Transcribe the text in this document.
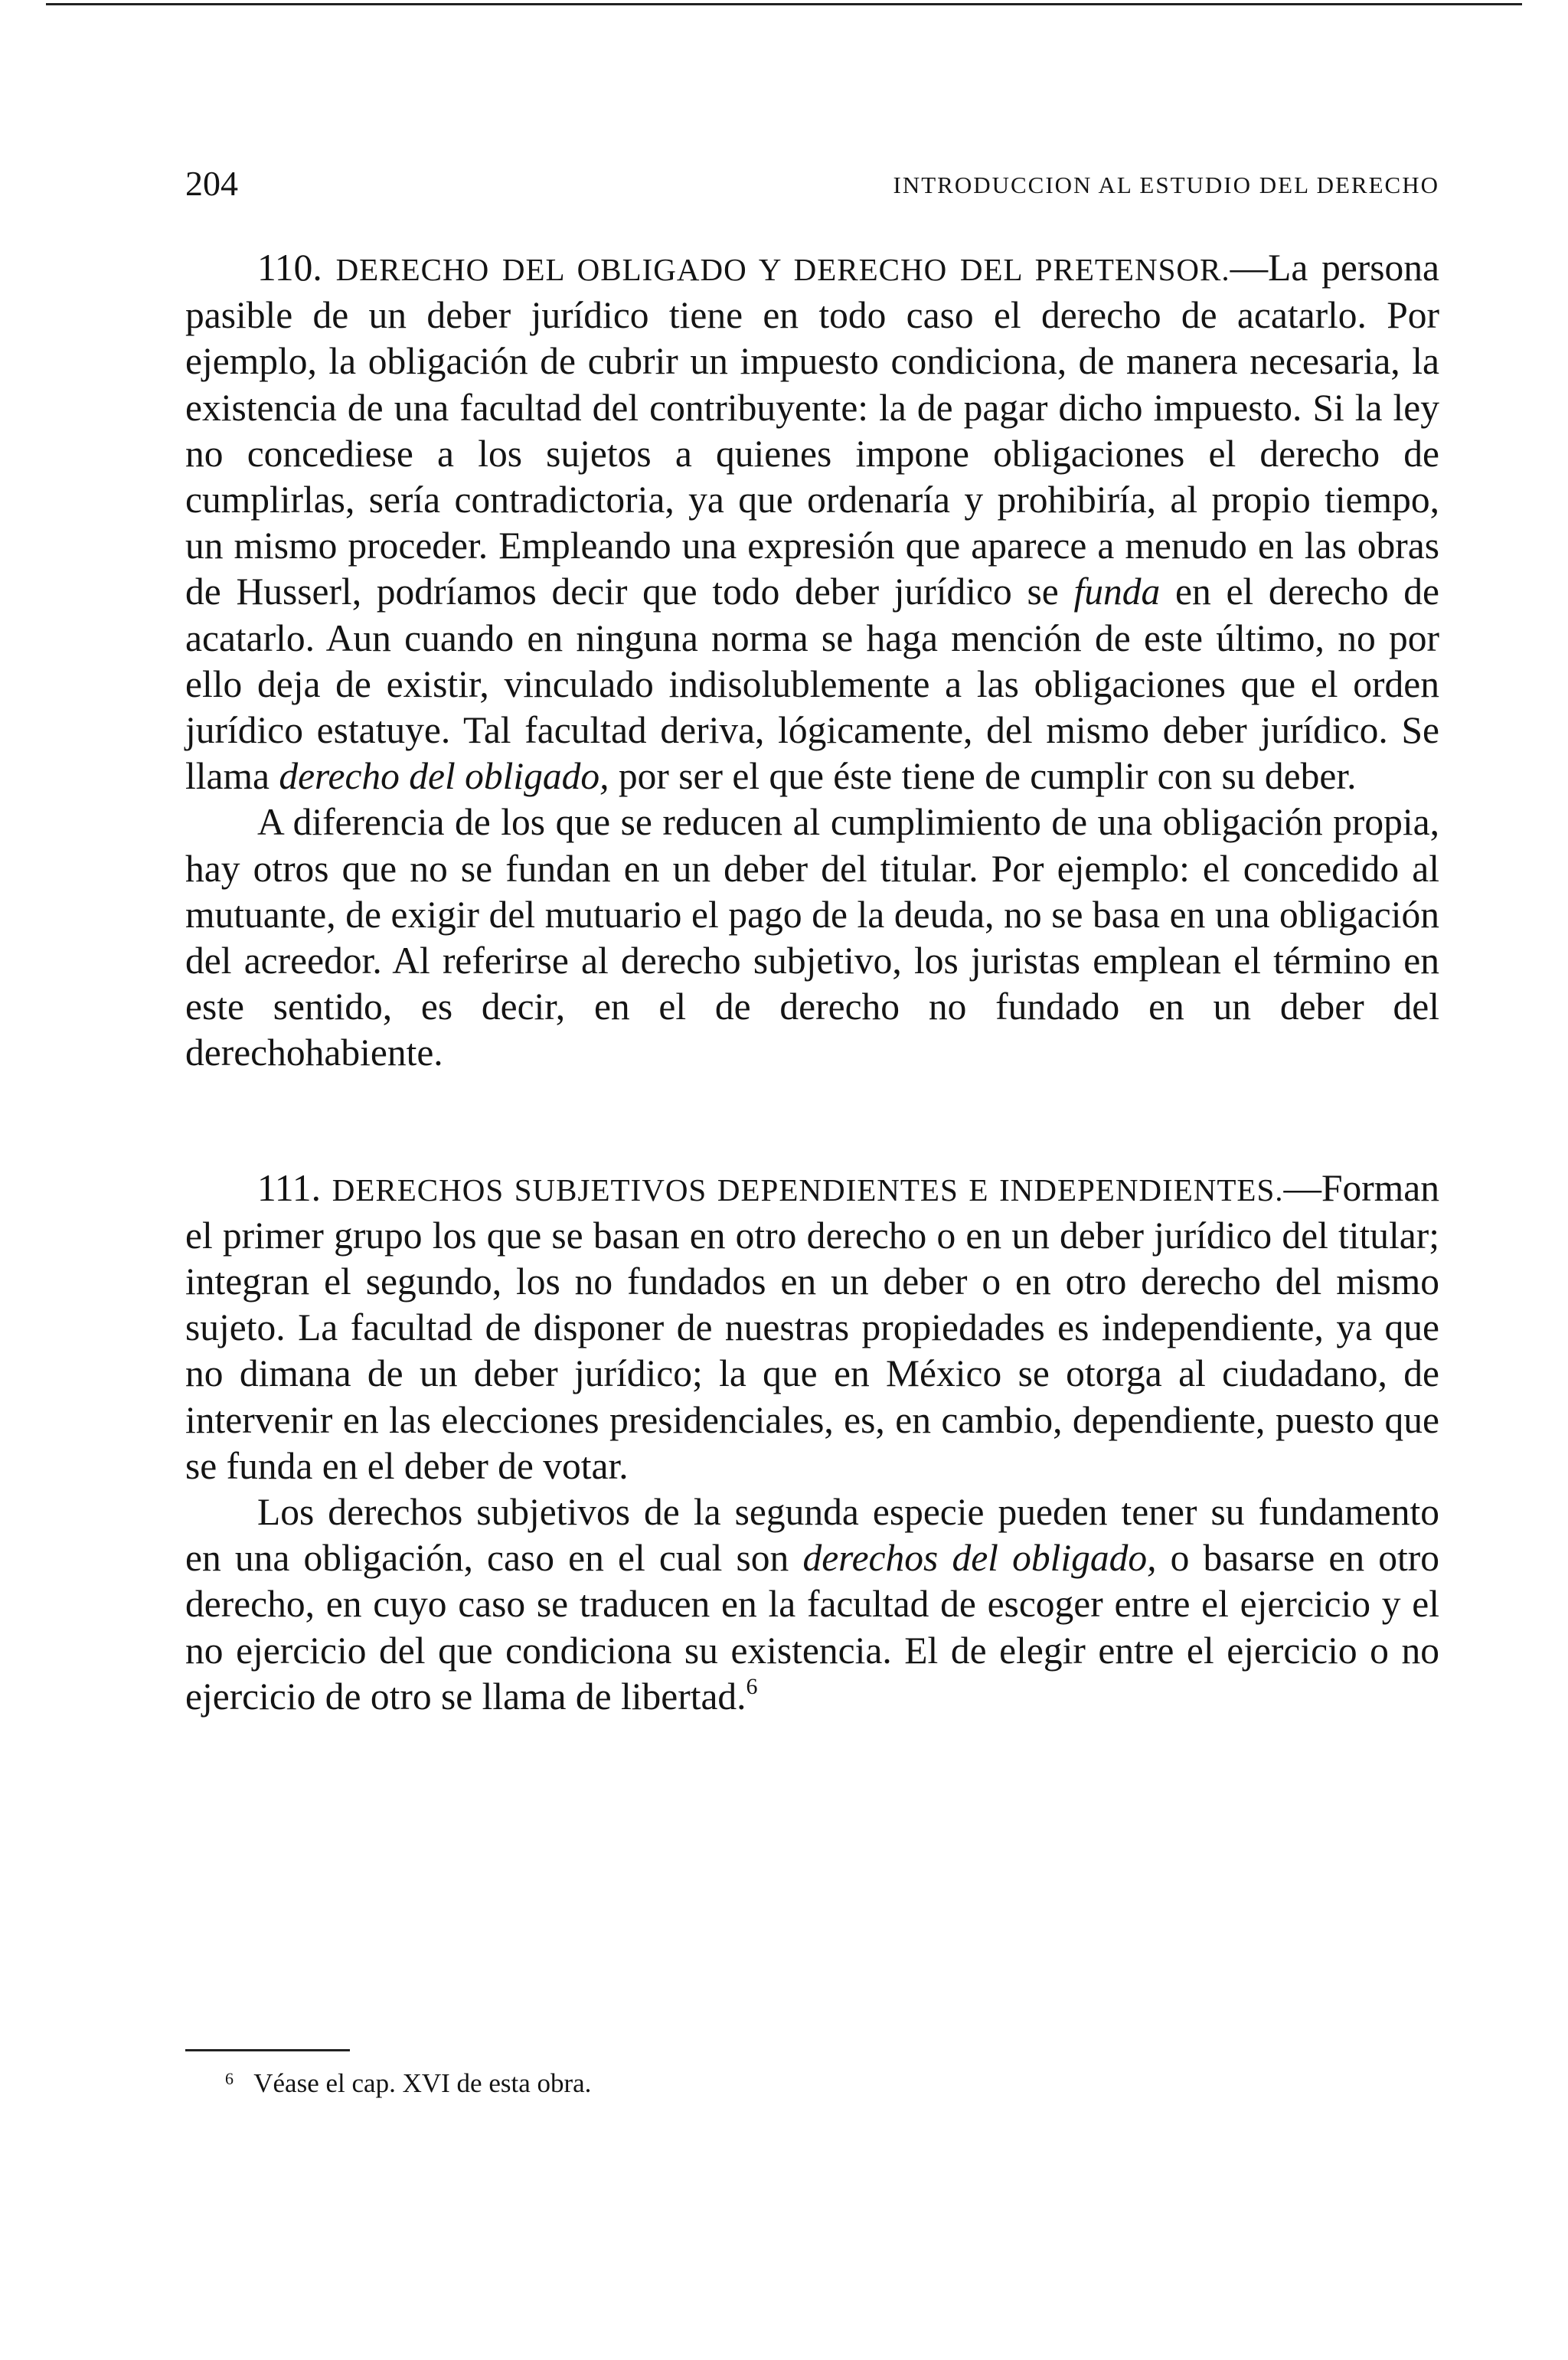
204	INTRODUCCION AL ESTUDIO DEL DERECHO

110. DERECHO DEL OBLIGADO Y DERECHO DEL PRETENSOR.—La persona pasible de un deber jurídico tiene en todo caso el derecho de acatarlo. Por ejemplo, la obligación de cubrir un impuesto condiciona, de manera necesaria, la existencia de una facultad del contribuyente: la de pagar dicho impuesto. Si la ley no concediese a los sujetos a quienes impone obligaciones el derecho de cumplirlas, sería contradictoria, ya que ordenaría y prohibiría, al propio tiempo, un mismo proceder. Empleando una expresión que aparece a menudo en las obras de Husserl, podríamos decir que todo deber jurídico se funda en el derecho de acatarlo. Aun cuando en ninguna norma se haga mención de este último, no por ello deja de existir, vinculado indisolublemente a las obligaciones que el orden jurídico estatuye. Tal facultad deriva, lógicamente, del mismo deber jurídico. Se llama derecho del obligado, por ser el que éste tiene de cumplir con su deber.

A diferencia de los que se reducen al cumplimiento de una obligación propia, hay otros que no se fundan en un deber del titular. Por ejemplo: el concedido al mutuante, de exigir del mutuario el pago de la deuda, no se basa en una obligación del acreedor. Al referirse al derecho subjetivo, los juristas emplean el término en este sentido, es decir, en el de derecho no fundado en un deber del derechohabiente.

111. DERECHOS SUBJETIVOS DEPENDIENTES E INDEPENDIENTES.—Forman el primer grupo los que se basan en otro derecho o en un deber jurídico del titular; integran el segundo, los no fundados en un deber o en otro derecho del mismo sujeto. La facultad de disponer de nuestras propiedades es independiente, ya que no dimana de un deber jurídico; la que en México se otorga al ciudadano, de intervenir en las elecciones presidenciales, es, en cambio, dependiente, puesto que se funda en el deber de votar.

Los derechos subjetivos de la segunda especie pueden tener su fundamento en una obligación, caso en el cual son derechos del obligado, o basarse en otro derecho, en cuyo caso se traducen en la facultad de escoger entre el ejercicio y el no ejercicio del que condiciona su existencia. El de elegir entre el ejercicio o no ejercicio de otro se llama de libertad.$^6$

$^6$ Véase el cap. XVI de esta obra.
